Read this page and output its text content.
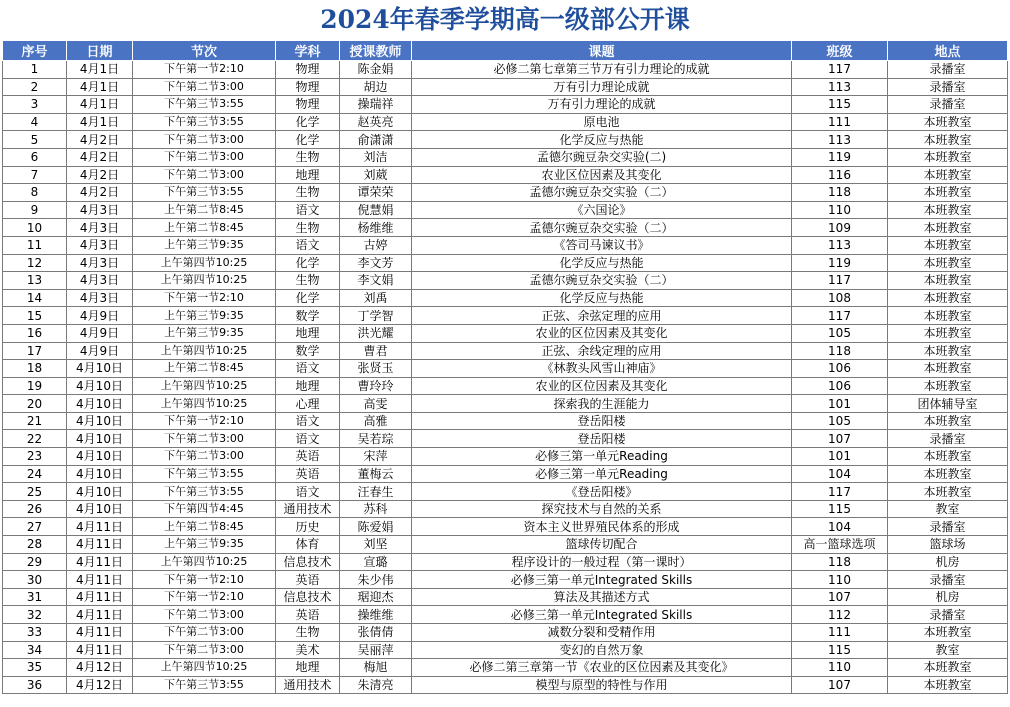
2024年春季学期高一级部公开课
序号	日期	节次	学科	授课教师	课题	班级	地点
1	4月1日	下午第一节2:10	物理	陈金娟	必修二第七章第三节万有引力理论的成就	117	录播室
2	4月1日	下午第二节3:00	物理	胡边	万有引力理论成就	113	录播室
3	4月1日	下午第三节3:55	物理	操瑞祥	万有引力理论的成就	115	录播室
4	4月1日	下午第三节3:55	化学	赵英亮	原电池	111	本班教室
5	4月2日	下午第二节3:00	化学	俞潇潇	化学反应与热能	113	本班教室
6	4月2日	下午第二节3:00	生物	刘洁	孟德尔豌豆杂交实验(二)	119	本班教室
7	4月2日	下午第二节3:00	地理	刘葳	农业区位因素及其变化	116	本班教室
8	4月2日	下午第三节3:55	生物	谭荣荣	孟德尔豌豆杂交实验（二）	118	本班教室
9	4月3日	上午第二节8:45	语文	倪慧娟	《六国论》	110	本班教室
10	4月3日	上午第二节8:45	生物	杨维维	孟德尔豌豆杂交实验（二）	109	本班教室
11	4月3日	上午第三节9:35	语文	古婷	《答司马谏议书》	113	本班教室
12	4月3日	上午第四节10:25	化学	李文芳	化学反应与热能	119	本班教室
13	4月3日	上午第四节10:25	生物	李文娟	孟德尔豌豆杂交实验（二）	117	本班教室
14	4月3日	下午第一节2:10	化学	刘禹	化学反应与热能	108	本班教室
15	4月9日	上午第三节9:35	数学	丁学智	正弦、余弦定理的应用	117	本班教室
16	4月9日	上午第三节9:35	地理	洪光耀	农业的区位因素及其变化	105	本班教室
17	4月9日	上午第四节10:25	数学	曹君	正弦、余线定理的应用	118	本班教室
18	4月10日	上午第二节8:45	语文	张贤玉	《林教头风雪山神庙》	106	本班教室
19	4月10日	上午第四节10:25	地理	曹玲玲	农业的区位因素及其变化	106	本班教室
20	4月10日	上午第四节10:25	心理	高雯	探索我的生涯能力	101	团体辅导室
21	4月10日	下午第一节2:10	语文	高雅	登岳阳楼	105	本班教室
22	4月10日	下午第二节3:00	语文	吴若琮	登岳阳楼	107	录播室
23	4月10日	下午第二节3:00	英语	宋萍	必修三第一单元Reading	101	本班教室
24	4月10日	下午第三节3:55	英语	董梅云	必修三第一单元Reading	104	本班教室
25	4月10日	下午第三节3:55	语文	汪春生	《登岳阳楼》	117	本班教室
26	4月10日	下午第四节4:45	通用技术	苏科	探究技术与自然的关系	115	教室
27	4月11日	上午第二节8:45	历史	陈爱娟	资本主义世界殖民体系的形成	104	录播室
28	4月11日	上午第三节9:35	体育	刘坚	篮球传切配合	高一篮球选项	篮球场
29	4月11日	上午第四节10:25	信息技术	宣璐	程序设计的一般过程（第一课时）	118	机房
30	4月11日	下午第一节2:10	英语	朱少伟	必修三第一单元Integrated Skills	110	录播室
31	4月11日	下午第一节2:10	信息技术	琚迎杰	算法及其描述方式	107	机房
32	4月11日	下午第二节3:00	英语	操维维	必修三第一单元Integrated Skills	112	录播室
33	4月11日	下午第二节3:00	生物	张倩倩	减数分裂和受精作用	111	本班教室
34	4月11日	下午第二节3:00	美术	吴丽萍	变幻的自然万象	115	教室
35	4月12日	上午第四节10:25	地理	梅旭	必修二第三章第一节《农业的区位因素及其变化》	110	本班教室
36	4月12日	下午第三节3:55	通用技术	朱清亮	模型与原型的特性与作用	107	本班教室
